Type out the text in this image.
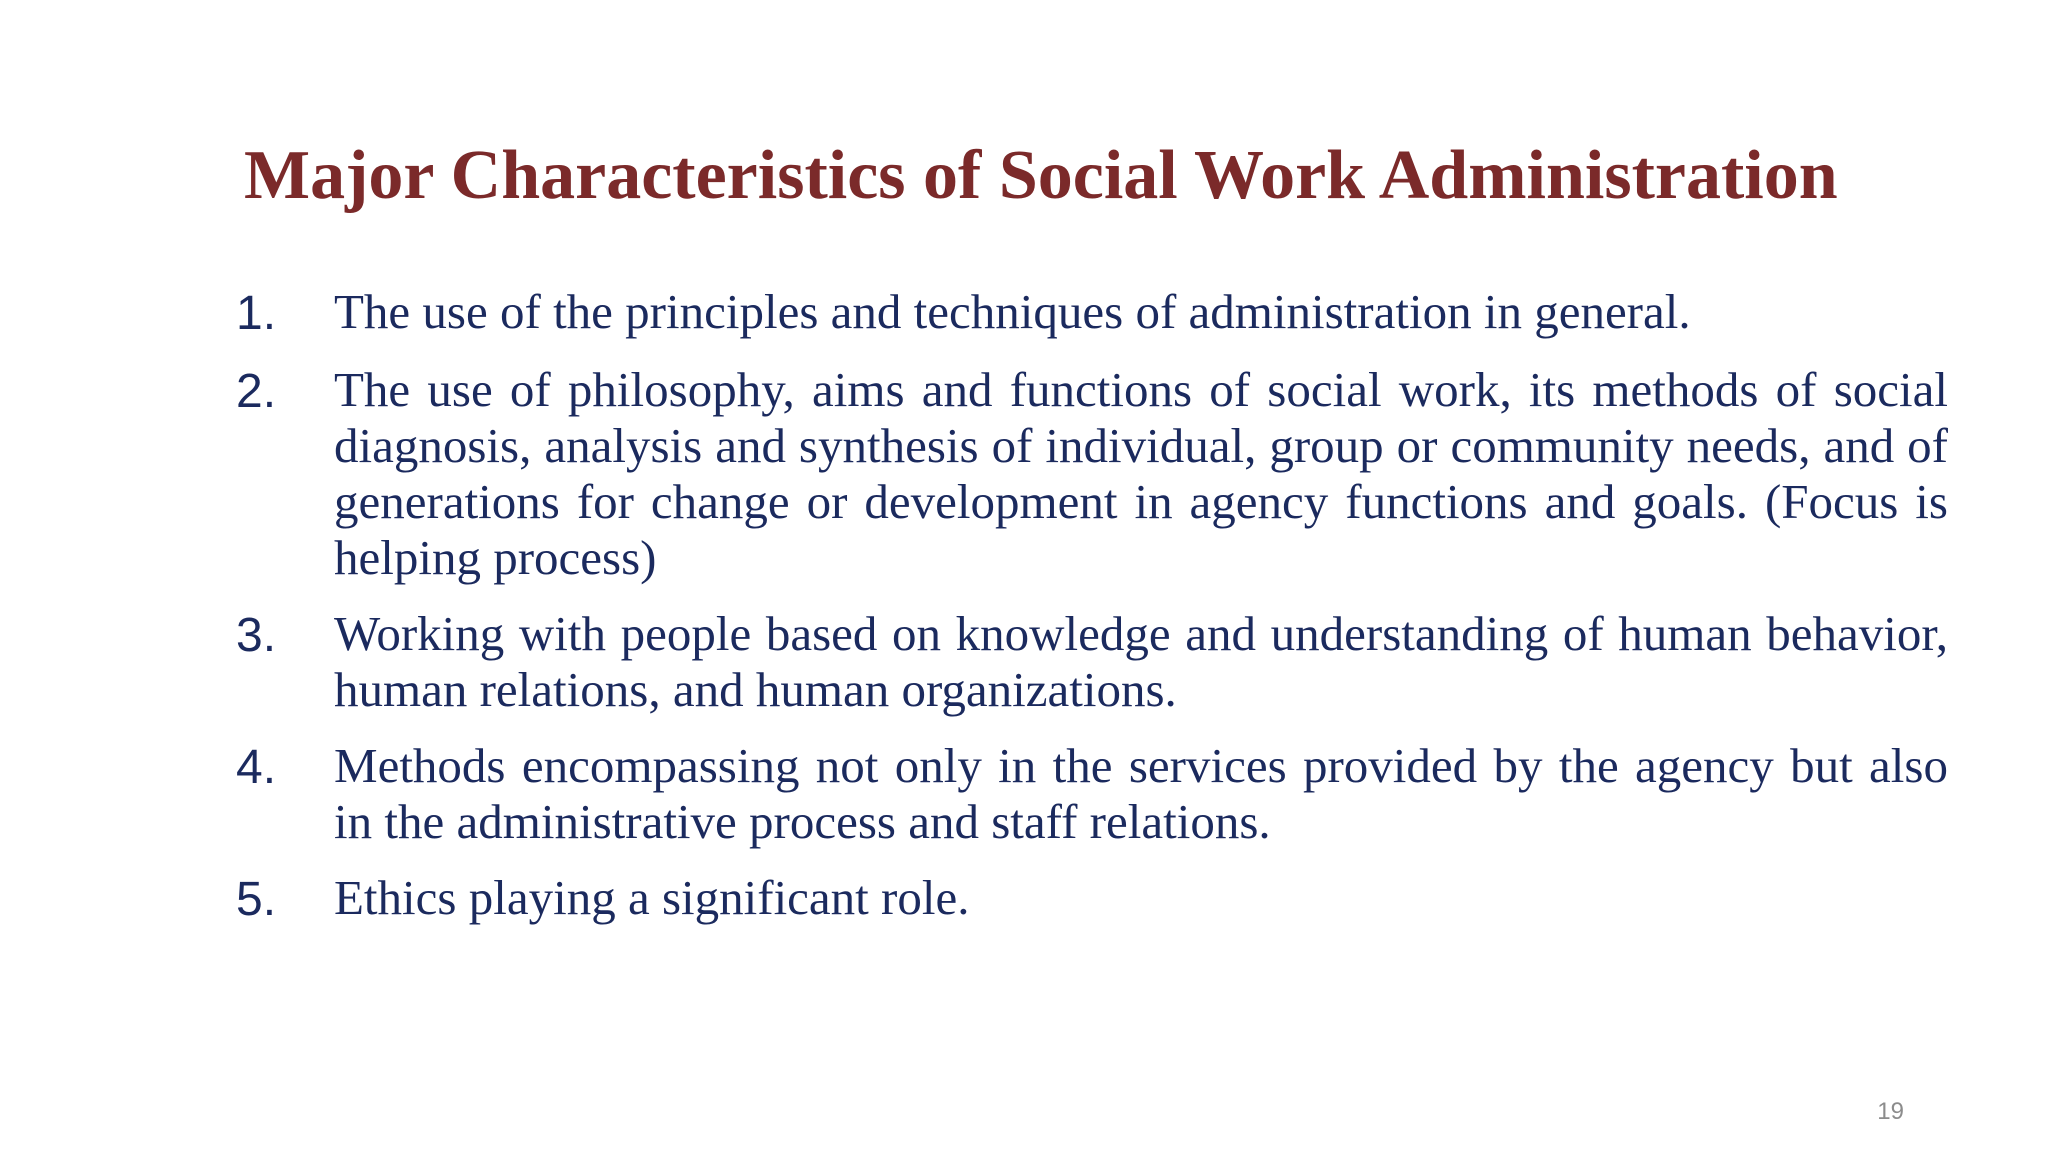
Major Characteristics of Social Work Administration
1.	The use of the principles and techniques of administration in general.
2.	The use of philosophy, aims and functions of social work, its methods of social diagnosis, analysis and synthesis of individual, group or community needs, and of generations for change or development in agency functions and goals. (Focus is helping process)
3.	Working with people based on knowledge and understanding of human behavior, human relations, and human organizations.
4.	Methods encompassing not only in the services provided by the agency but also in the administrative process and staff relations.
5.	Ethics playing a significant role.
19
